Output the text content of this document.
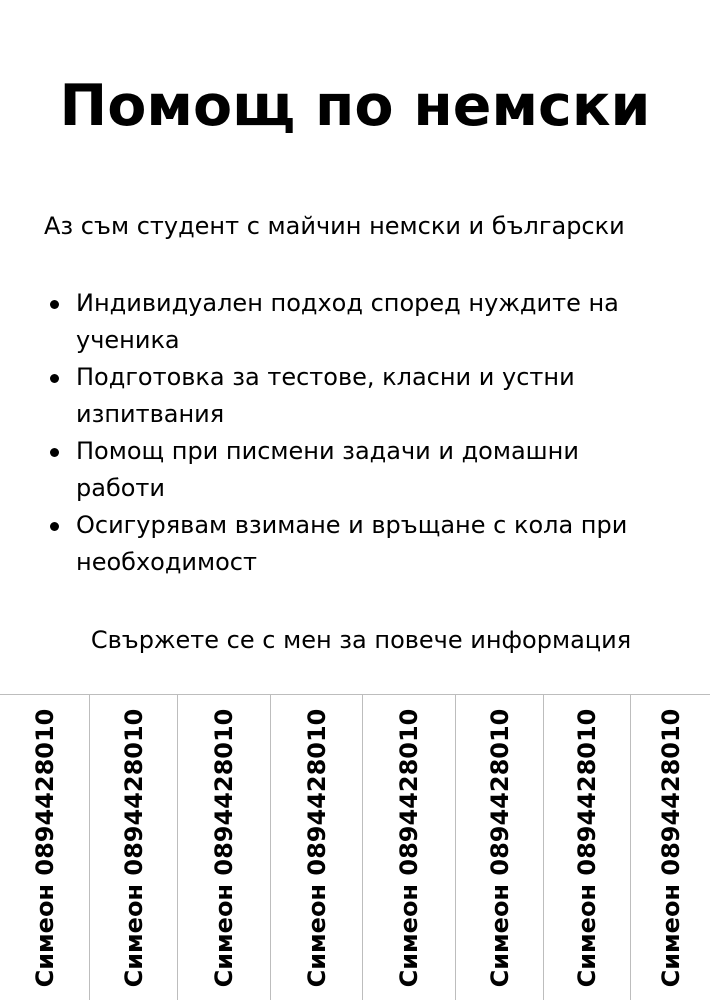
Помощ по немски

Аз съм студент с майчин немски и български

Индивидуален подход според нуждите на ученика
Подготовка за тестове, класни и устни изпитвания
Помощ при писмени задачи и домашни работи
Осигурявам взимане и връщане с кола при необходимост

Свържете се с мен за повече информация

Симеон 0894428010	Симеон 0894428010	Симеон 0894428010	Симеон 0894428010	Симеон 0894428010	Симеон 0894428010 Симеон 0894428010 Симеон 0894428010
